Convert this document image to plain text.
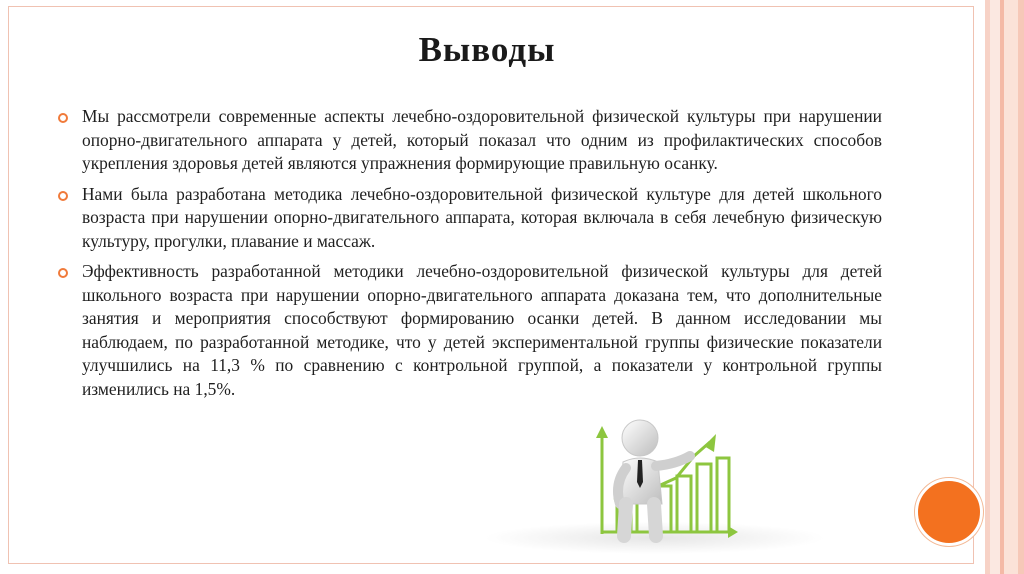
Выводы
Мы рассмотрели современные аспекты лечебно-оздоровительной физической культуры при нарушении опорно-двигательного аппарата у детей, который показал что одним из профилактических способов укрепления здоровья детей являются упражнения формирующие правильную осанку.
Нами была разработана методика лечебно-оздоровительной физической культуре для детей школьного возраста при нарушении опорно-двигательного аппарата, которая включала в себя лечебную физическую культуру, прогулки, плавание и массаж.
Эффективность разработанной методики лечебно-оздоровительной физической культуры для детей школьного возраста при нарушении опорно-двигательного аппарата доказана тем, что дополнительные занятия и мероприятия способствуют формированию осанки детей. В данном исследовании мы наблюдаем, по разработанной методике, что у детей экспериментальной группы физические показатели улучшились на 11,3 % по сравнению с контрольной группой, а показатели у контрольной группы изменились на 1,5%.
